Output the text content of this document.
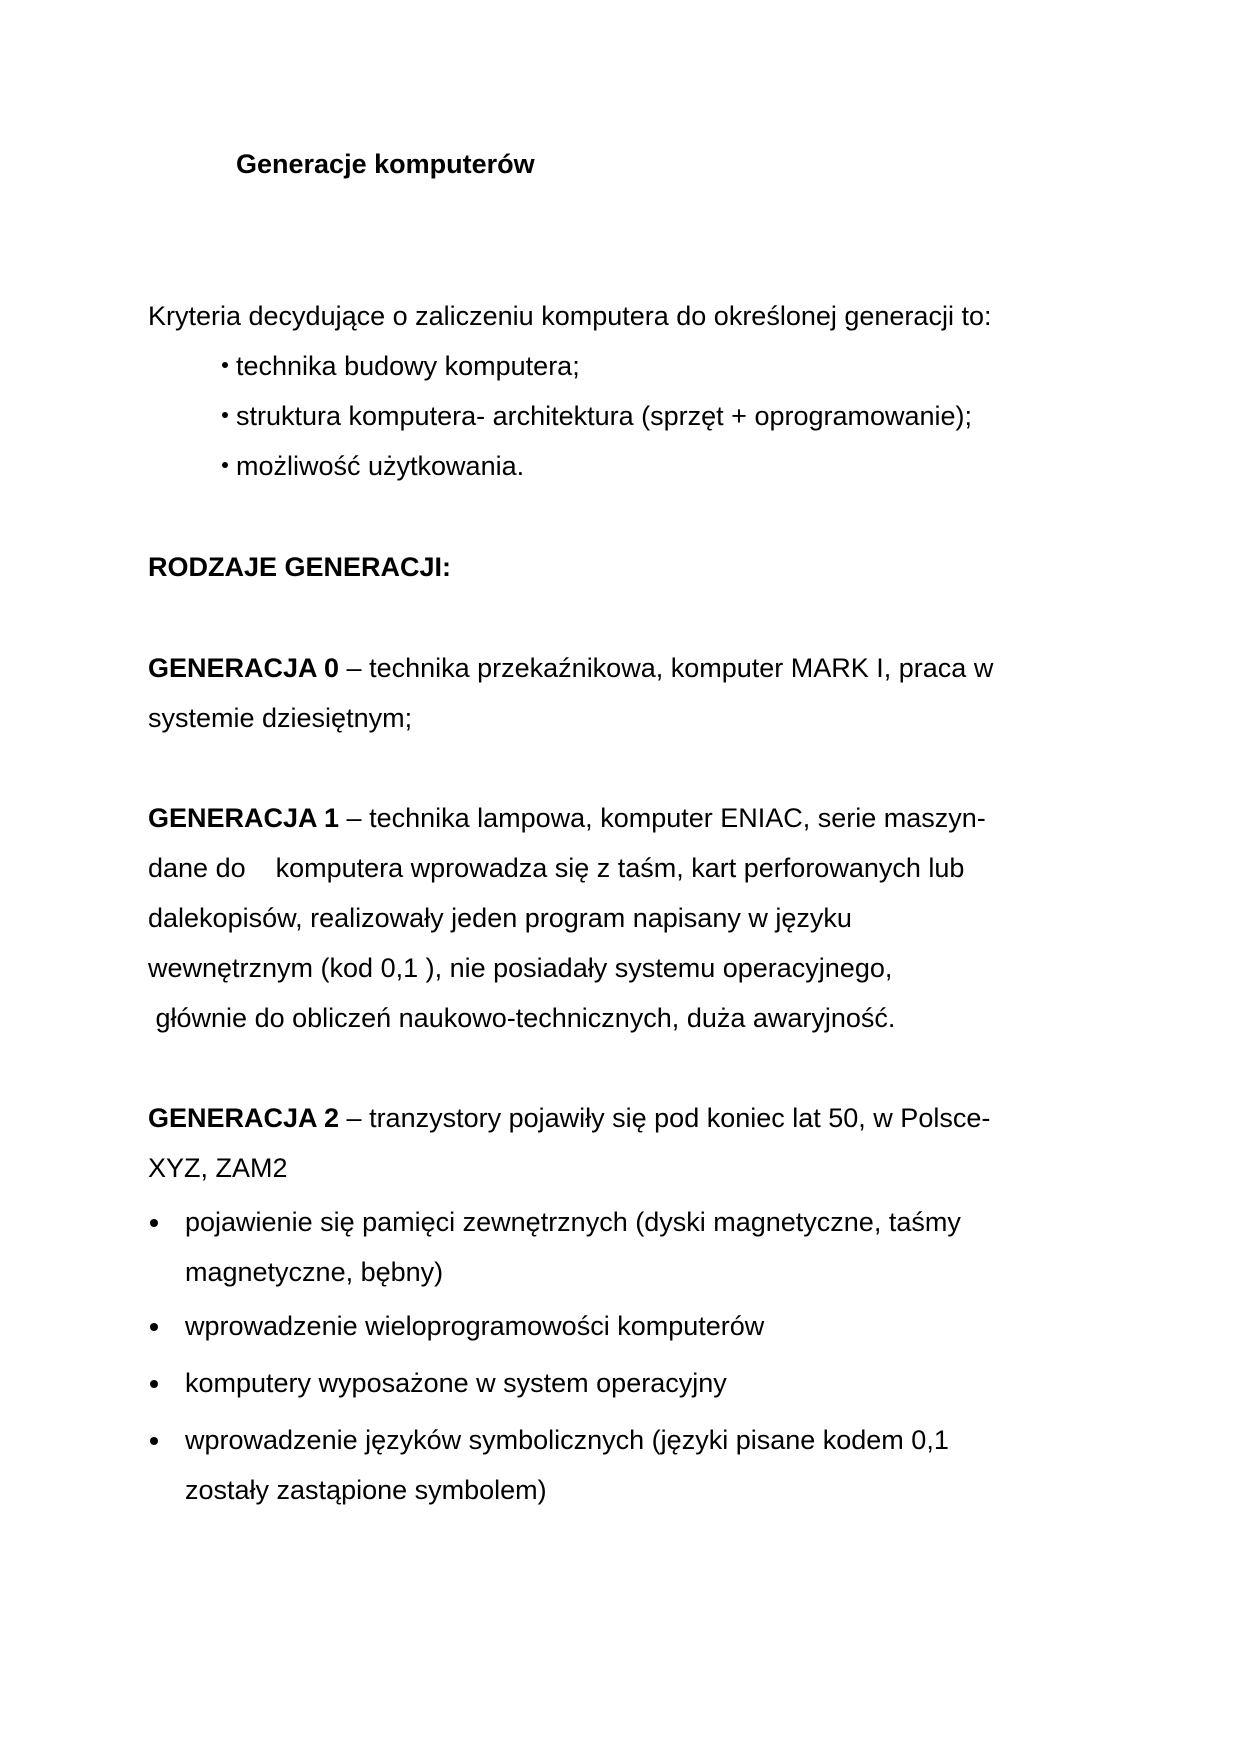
Generacje komputerów
Kryteria decydujące o zaliczeniu komputera do określonej generacji to:
technika budowy komputera;
struktura komputera- architektura (sprzęt + oprogramowanie);
możliwość użytkowania.
RODZAJE GENERACJI:
GENERACJA 0 – technika przekaźnikowa, komputer MARK I, praca w
systemie dziesiętnym;
GENERACJA 1 – technika lampowa, komputer ENIAC, serie maszyn-
dane do    komputera wprowadza się z taśm, kart perforowanych lub
dalekopisów, realizowały jeden program napisany w języku
wewnętrznym (kod 0,1 ), nie posiadały systemu operacyjnego,
głównie do obliczeń naukowo-technicznych, duża awaryjność.
GENERACJA 2 – tranzystory pojawiły się pod koniec lat 50, w Polsce-
XYZ, ZAM2
pojawienie się pamięci zewnętrznych (dyski magnetyczne, taśmy
magnetyczne, bębny)
wprowadzenie wieloprogramowości komputerów
komputery wyposażone w system operacyjny
wprowadzenie języków symbolicznych (języki pisane kodem 0,1
zostały zastąpione symbolem)
